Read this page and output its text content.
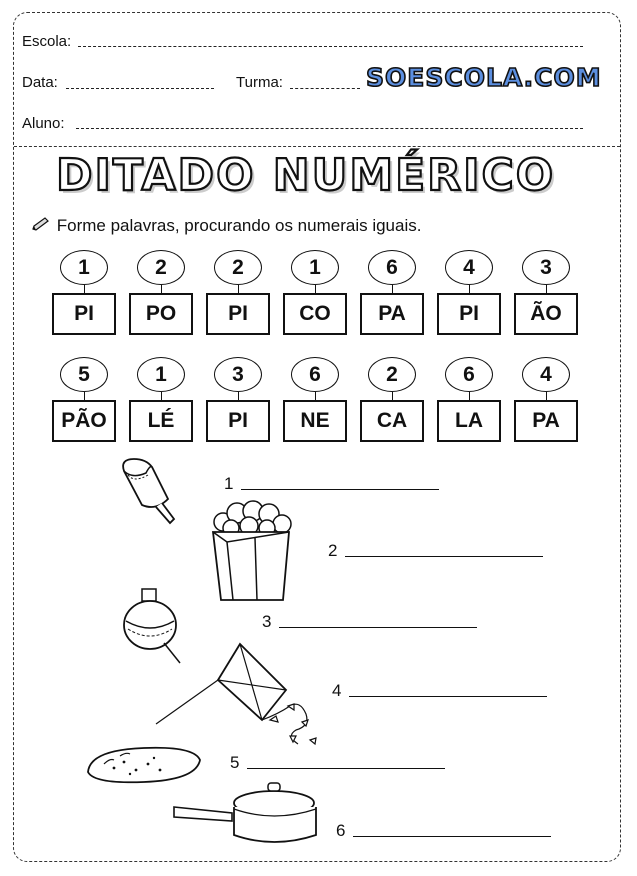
Escola:
Data:	Turma:	SOESCOLA.COM
Aluno:
DITADO NUMÉRICO
Forme palavras, procurando os numerais iguais.
1
PI
2
PO
2
PI
1
CO
6
PA
4
PI
3
ÃO
5
PÃO
1
LÉ
3
PI
6
NE
2
CA
6
LA
4
PA
1
2
3
4
5
6
